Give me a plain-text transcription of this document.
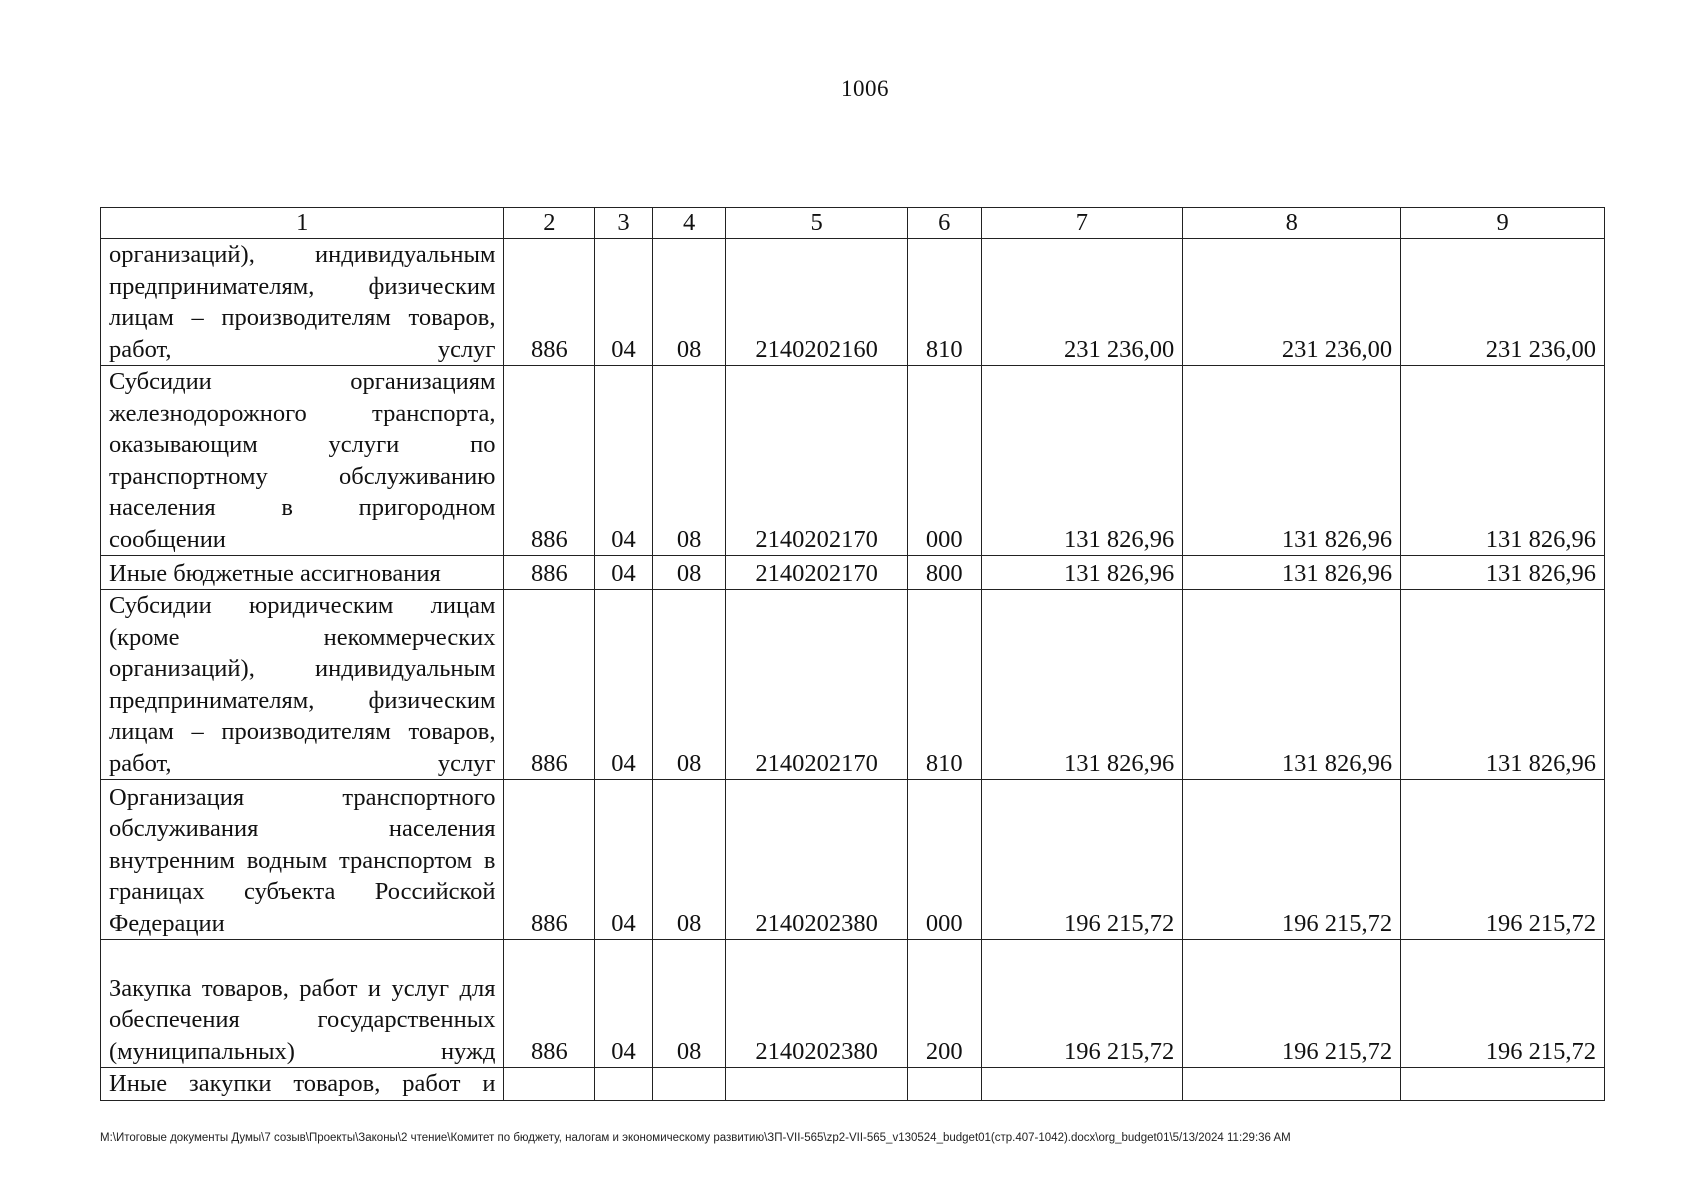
1006
1	2	3	4	5	6	7	8	9
организаций), индивидуальным предпринимателям, физическим лицам – производителям товаров, работ, услуг	886	04	08	2140202160	810	231 236,00	231 236,00	231 236,00
Субсидии организациям железнодорожного транспорта, оказывающим услуги по транспортному обслуживанию населения в пригородном сообщении	886	04	08	2140202170	000	131 826,96	131 826,96	131 826,96
Иные бюджетные ассигнования	886	04	08	2140202170	800	131 826,96	131 826,96	131 826,96
Субсидии юридическим лицам (кроме некоммерческих организаций), индивидуальным предпринимателям, физическим лицам – производителям товаров, работ, услуг	886	04	08	2140202170	810	131 826,96	131 826,96	131 826,96
Организация транспортного обслуживания населения внутренним водным транспортом в границах субъекта Российской Федерации	886	04	08	2140202380	000	196 215,72	196 215,72	196 215,72
Закупка товаров, работ и услуг для обеспечения государственных (муниципальных) нужд	886	04	08	2140202380	200	196 215,72	196 215,72	196 215,72
Иные закупки товаров, работ и								
M:\Итоговые документы Думы\7 созыв\Проекты\Законы\2 чтение\Комитет по бюджету, налогам и экономическому развитию\ЗП-VII-565\zp2-VII-565_v130524_budget01(стр.407-1042).docx\org_budget01\5/13/2024 11:29:36 AM
